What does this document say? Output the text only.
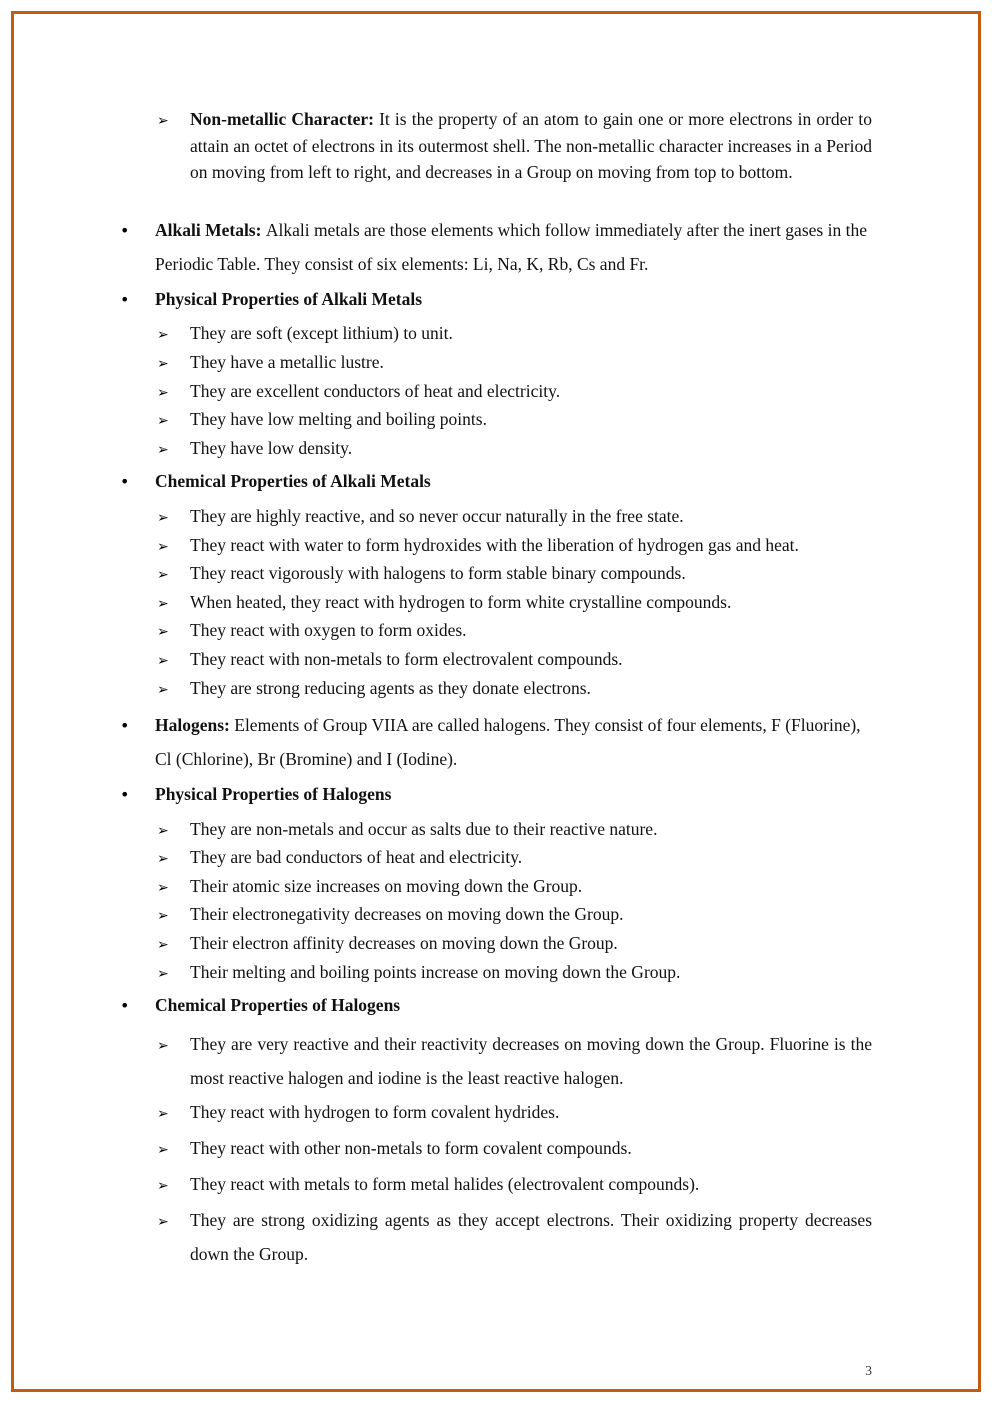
➢	Non-metallic Character: It is the property of an atom to gain one or more electrons in order to attain an octet of electrons in its outermost shell. The non-metallic character increases in a Period on moving from left to right, and decreases in a Group on moving from top to bottom.

•	Alkali Metals: Alkali metals are those elements which follow immediately after the inert gases in the Periodic Table. They consist of six elements: Li, Na, K, Rb, Cs and Fr.

•	Physical Properties of Alkali Metals

➢	They are soft (except lithium) to unit.

➢	They have a metallic lustre.

➢	They are excellent conductors of heat and electricity.

➢	They have low melting and boiling points.

➢	They have low density.

•	Chemical Properties of Alkali Metals

➢	They are highly reactive, and so never occur naturally in the free state.

➢	They react with water to form hydroxides with the liberation of hydrogen gas and heat.

➢	They react vigorously with halogens to form stable binary compounds.

➢	When heated, they react with hydrogen to form white crystalline compounds.

➢	They react with oxygen to form oxides.

➢	They react with non-metals to form electrovalent compounds.

➢	They are strong reducing agents as they donate electrons.

•	Halogens: Elements of Group VIIA are called halogens. They consist of four elements, F (Fluorine), Cl (Chlorine), Br (Bromine) and I (Iodine).

•	Physical Properties of Halogens

➢	They are non-metals and occur as salts due to their reactive nature.

➢	They are bad conductors of heat and electricity.

➢	Their atomic size increases on moving down the Group.

➢	Their electronegativity decreases on moving down the Group.

➢	Their electron affinity decreases on moving down the Group.

➢	Their melting and boiling points increase on moving down the Group.

•	Chemical Properties of Halogens

➢	They are very reactive and their reactivity decreases on moving down the Group. Fluorine is the most reactive halogen and iodine is the least reactive halogen.

➢	They react with hydrogen to form covalent hydrides.

➢	They react with other non-metals to form covalent compounds.

➢	They react with metals to form metal halides (electrovalent compounds).

➢	They are strong oxidizing agents as they accept electrons. Their oxidizing property decreases down the Group.

3
